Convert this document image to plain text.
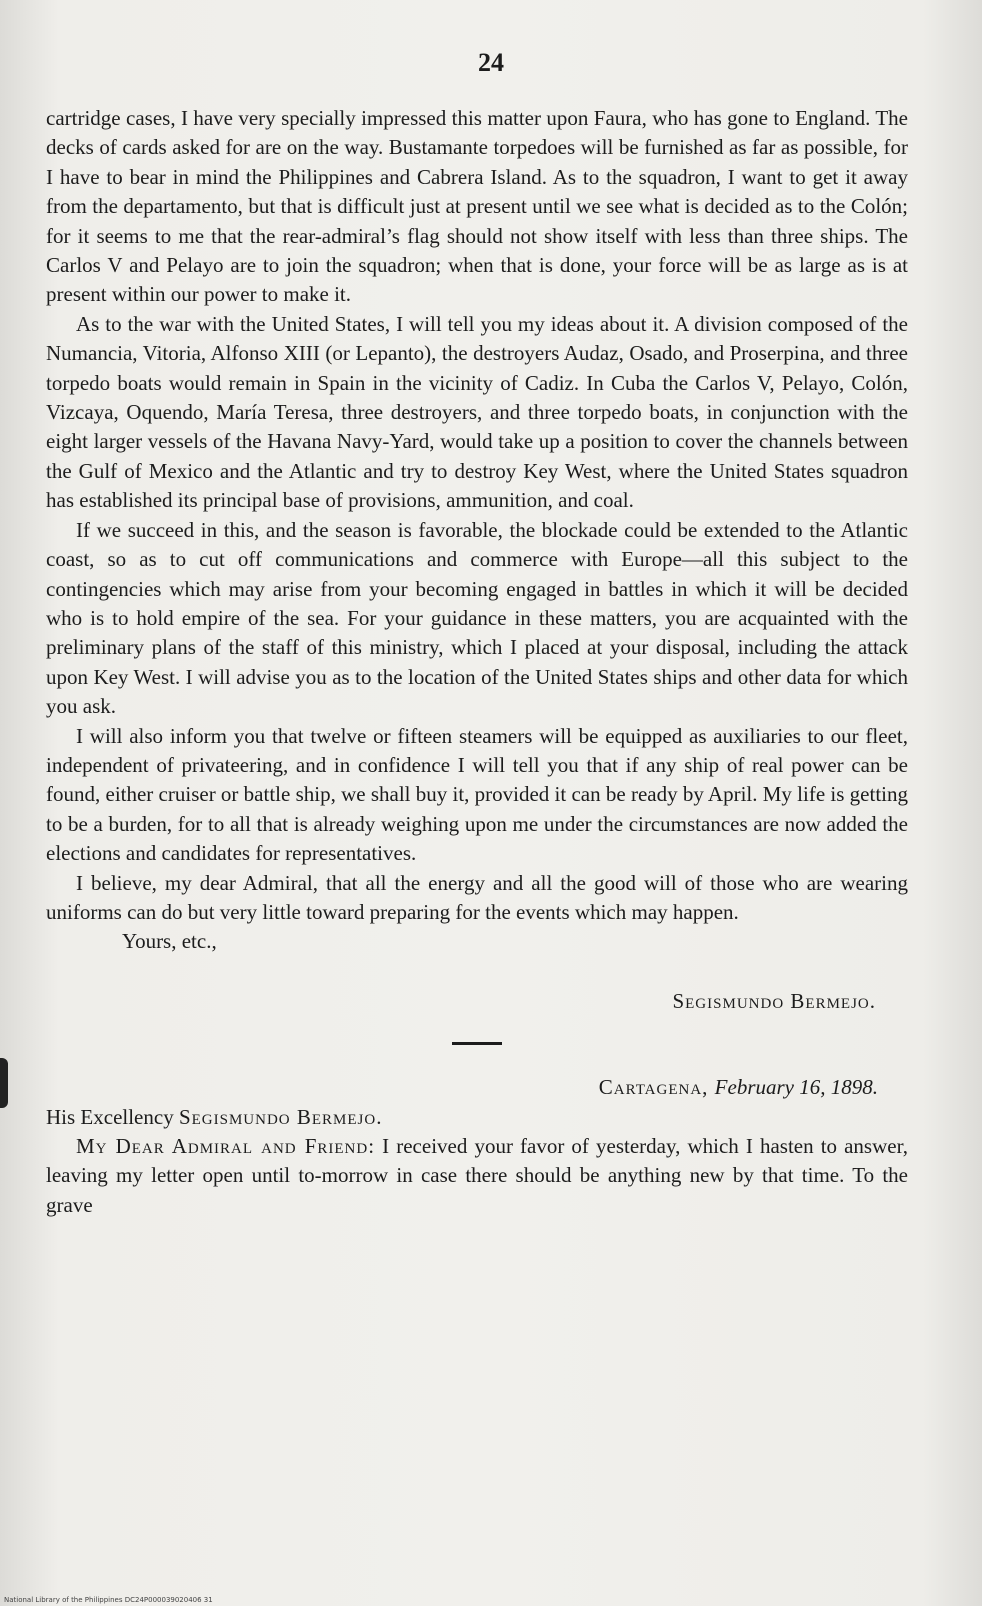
24

cartridge cases, I have very specially impressed this matter upon Faura, who has gone to England. The decks of cards asked for are on the way. Bustamante torpedoes will be furnished as far as possible, for I have to bear in mind the Philippines and Cabrera Island. As to the squadron, I want to get it away from the departamento, but that is difficult just at present until we see what is decided as to the Colón; for it seems to me that the rear-admiral’s flag should not show itself with less than three ships. The Carlos V and Pelayo are to join the squadron; when that is done, your force will be as large as is at present within our power to make it.

As to the war with the United States, I will tell you my ideas about it. A division composed of the Numancia, Vitoria, Alfonso XIII (or Lepanto), the destroyers Audaz, Osado, and Proserpina, and three torpedo boats would remain in Spain in the vicinity of Cadiz. In Cuba the Carlos V, Pelayo, Colón, Vizcaya, Oquendo, María Teresa, three destroyers, and three torpedo boats, in conjunction with the eight larger vessels of the Havana Navy-Yard, would take up a position to cover the channels between the Gulf of Mexico and the Atlantic and try to destroy Key West, where the United States squadron has established its principal base of provisions, ammunition, and coal.

If we succeed in this, and the season is favorable, the blockade could be extended to the Atlantic coast, so as to cut off communications and commerce with Europe—all this subject to the contingencies which may arise from your becoming engaged in battles in which it will be decided who is to hold empire of the sea. For your guidance in these matters, you are acquainted with the preliminary plans of the staff of this ministry, which I placed at your disposal, including the attack upon Key West. I will advise you as to the location of the United States ships and other data for which you ask.

I will also inform you that twelve or fifteen steamers will be equipped as auxiliaries to our fleet, independent of privateering, and in confidence I will tell you that if any ship of real power can be found, either cruiser or battle ship, we shall buy it, provided it can be ready by April. My life is getting to be a burden, for to all that is already weighing upon me under the circumstances are now added the elections and candidates for representatives.

I believe, my dear Admiral, that all the energy and all the good will of those who are wearing uniforms can do but very little toward preparing for the events which may happen.

Yours, etc.,

Segismundo Bermejo.

Cartagena, February 16, 1898.

His Excellency Segismundo Bermejo.

My Dear Admiral and Friend: I received your favor of yesterday, which I hasten to answer, leaving my letter open until to-morrow in case there should be anything new by that time. To the grave

National Library of the Philippines DC24P000039020406 31
